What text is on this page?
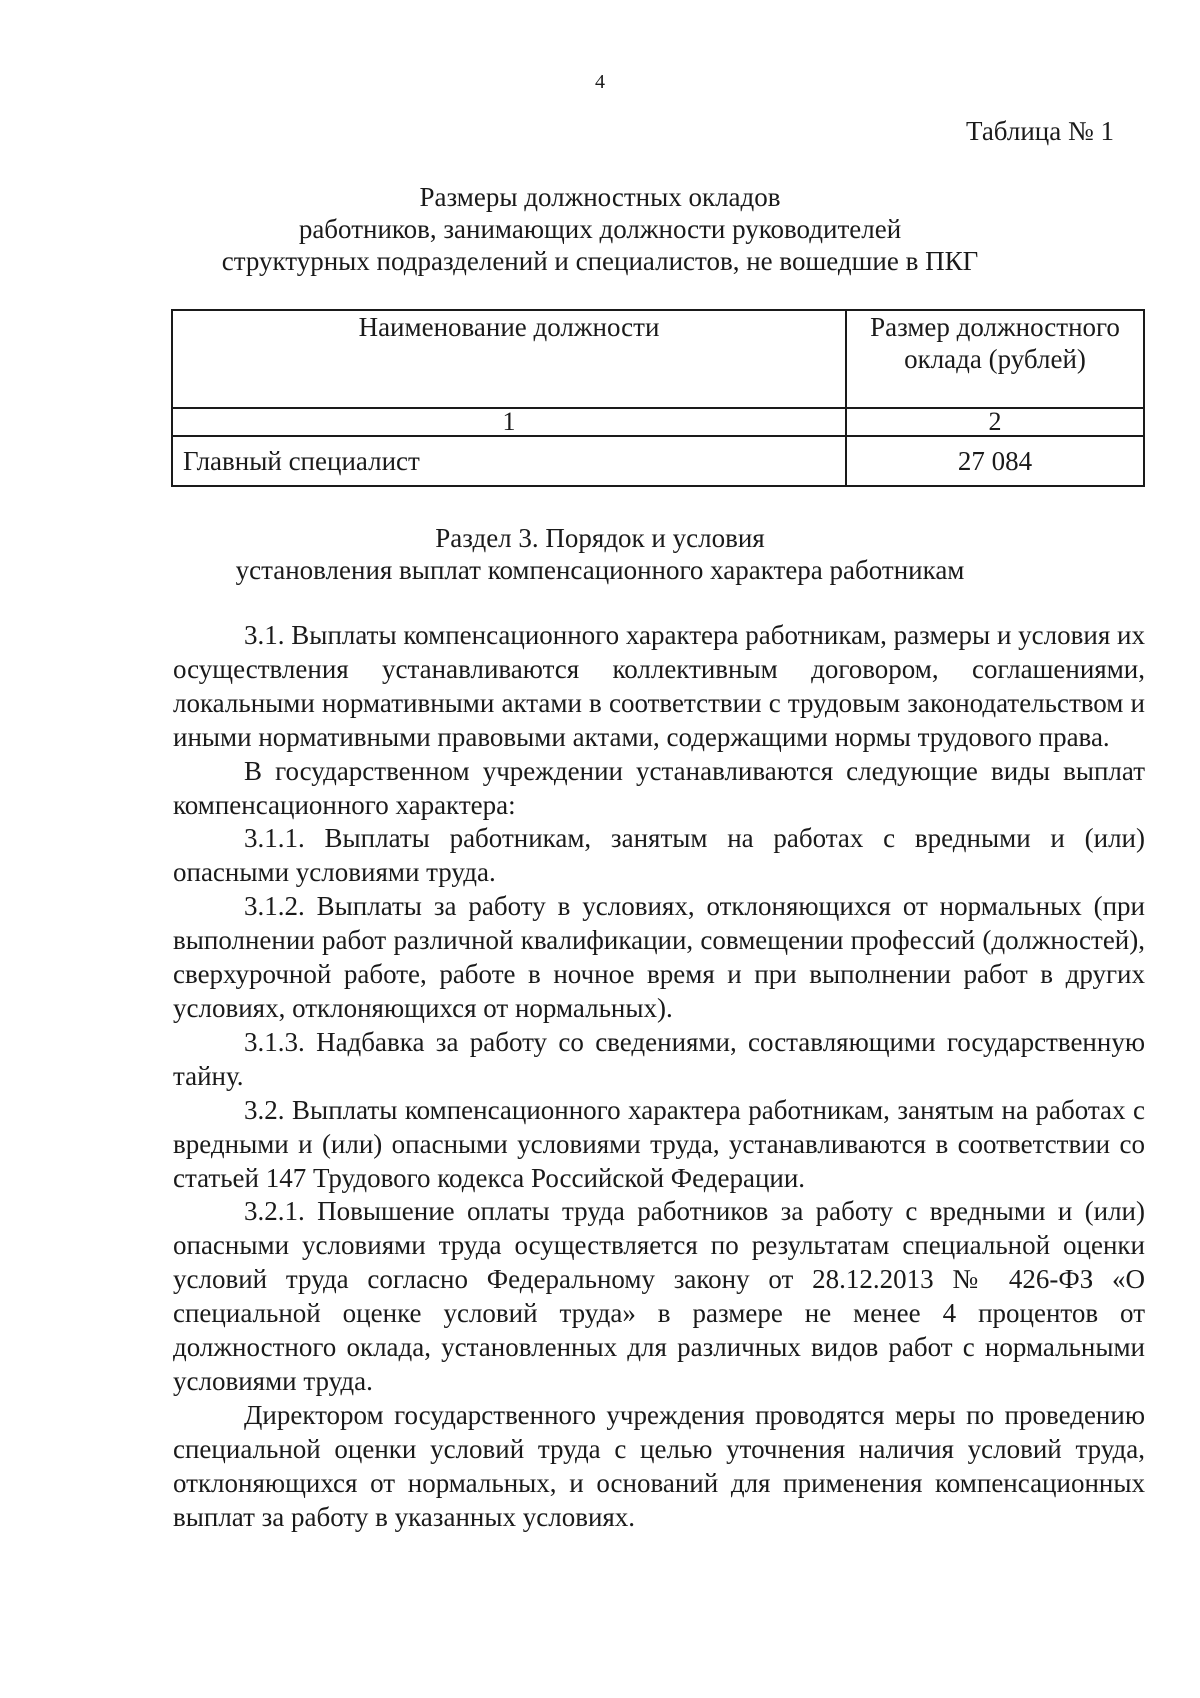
4
Таблица № 1
Размеры должностных окладов
работников, занимающих должности руководителей
структурных подразделений и специалистов, не вошедшие в ПКГ
Наименование должности	Размер должностного оклада (рублей)
1	2
Главный специалист	27 084
Раздел 3. Порядок и условия
установления выплат компенсационного характера работникам

3.1. Выплаты компенсационного характера работникам, размеры и условия их осуществления устанавливаются коллективным договором, соглашениями, локальными нормативными актами в соответствии с трудовым законодательством и иными нормативными правовыми актами, содержащими нормы трудового права.

В государственном учреждении устанавливаются следующие виды выплат компенсационного характера:

3.1.1. Выплаты работникам, занятым на работах с вредными и (или) опасными условиями труда.

3.1.2. Выплаты за работу в условиях, отклоняющихся от нормальных (при выполнении работ различной квалификации, совмещении профессий (должностей), сверхурочной работе, работе в ночное время и при выполнении работ в других условиях, отклоняющихся от нормальных).

3.1.3. Надбавка за работу со сведениями, составляющими государственную тайну.

3.2. Выплаты компенсационного характера работникам, занятым на работах с вредными и (или) опасными условиями труда, устанавливаются в соответствии со статьей 147 Трудового кодекса Российской Федерации.

3.2.1. Повышение оплаты труда работников за работу с вредными и (или) опасными условиями труда осуществляется по результатам специальной оценки условий труда согласно Федеральному закону от 28.12.2013 № 426-ФЗ «О специальной оценке условий труда» в размере не менее 4 процентов от должностного оклада, установленных для различных видов работ с нормальными условиями труда.

Директором государственного учреждения проводятся меры по проведению специальной оценки условий труда с целью уточнения наличия условий труда, отклоняющихся от нормальных, и оснований для применения компенсационных выплат за работу в указанных условиях.
